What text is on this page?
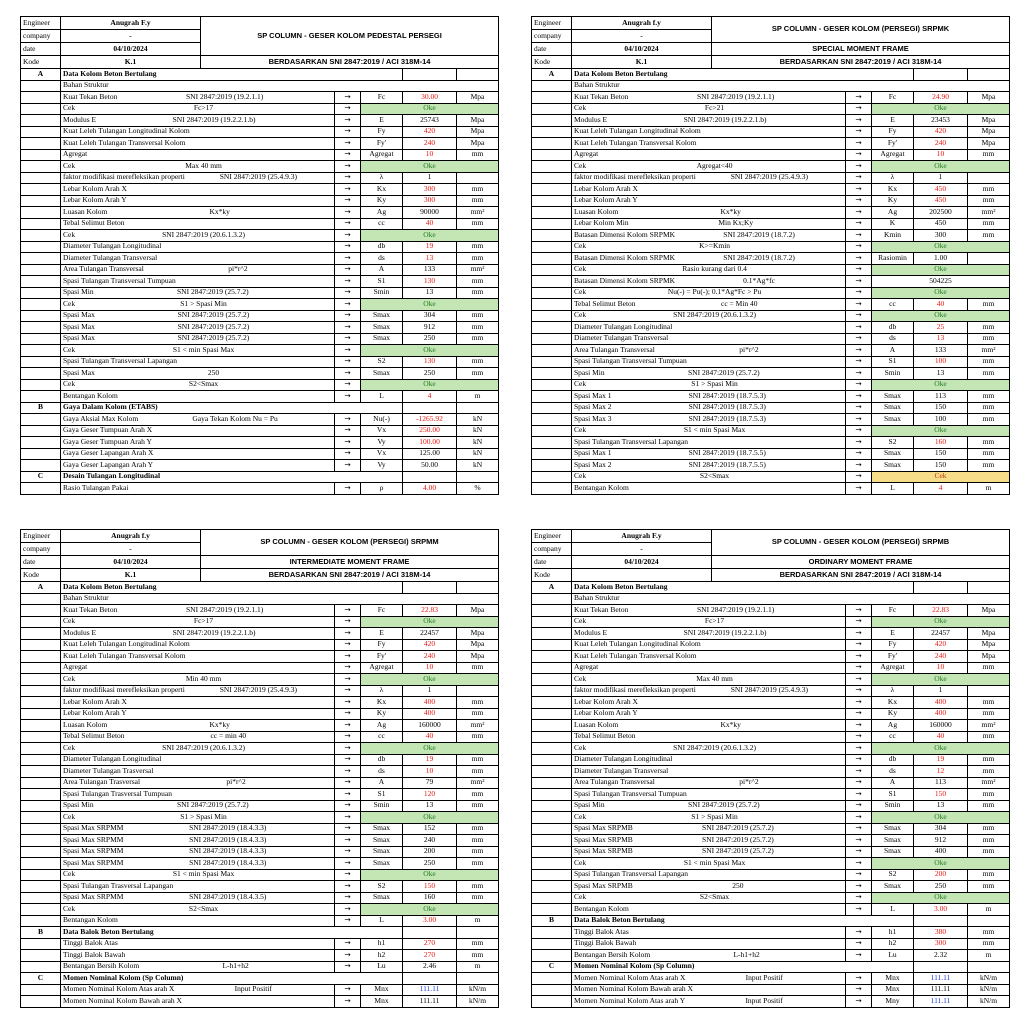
Engineer	Anugrah F.y	SP COLUMN - GESER KOLOM PEDESTAL PERSEGI				
company	-					
date	04/10/2024					
Kode	K.1	BERDASARKAN SNI 2847:2019 / ACI 318M-14				
A	Data Kolom Beton Bertulang					
	Bahan Struktur					

	Kuat Tekan Beton SNI 2847:2019 (19.2.1.1)		→	Fc	30.00	Mpa

	Cek Fc>17		→	Oke		

	Modulus E SNI 2847:2019 (19.2.2.1.b)		→	E	25743	Mpa

	Kuat Leleh Tulangan Longitudinal Kolom		→	Fy	420	Mpa

	Kuat Leleh Tulangan Transversal Kolom		→	Fy'	240	Mpa

	Agregat		→	Agregat	10	mm

	Cek Max 40 mm		→	Oke		

	faktor modifikasi merefleksikan properti SNI 2847:2019 (25.4.9.3)		→	λ	1	

	Lebar Kolom Arah X		→	Kx	300	mm

	Lebar Kolom Arah Y		→	Ky	300	mm

	Luasan Kolom Kx*ky		→	Ag	90000	mm²

	Tebal Selimut Beton		→	cc	40	mm

	Cek SNI 2847:2019 (20.6.1.3.2)		→	Oke		

	Diameter Tulangan Longitudinal		→	db	19	mm

	Diameter Tulangan Transversal		→	ds	13	mm

	Area Tulangan Transversal pi*r^2		→	A	133	mm²

	Spasi Tulangan Transversal Tumpuan		→	S1	130	mm

	Spasi Min SNI 2847:2019 (25.7.2)		→	Smin	13	mm

	Cek S1 > Spasi Min		→	Oke		

	Spasi Max SNI 2847:2019 (25.7.2)		→	Smax	304	mm

	Spasi Max SNI 2847:2019 (25.7.2)		→	Smax	912	mm

	Spasi Max SNI 2847:2019 (25.7.2)		→	Smax	250	mm

	Cek S1 < min Spasi Max		→	Oke		

	Spasi Tulangan Transversal Lapangan		→	S2	130	mm

	Spasi Max 250		→	Smax	250	mm

	Cek S2<Smax		→	Oke		

	Bentangan Kolom		→	L	4	m
B	Gaya Dalam Kolom (ETABS)					

	Gaya Aksial Max Kolom Gaya Tekan Kolom Nu = Pu		→	Nu(-)	-1265.92	kN

	Gaya Geser Tumpuan Arah X		→	Vx	250.00	kN

	Gaya Geser Tumpuan Arah Y		→	Vy	100.00	kN

	Gaya Geser Lapangan Arah X		→	Vx	125.00	kN

	Gaya Geser Lapangan Arah Y		→	Vy	50.00	kN
C	Desain Tulangan Longitudinal					

	Rasio Tulangan Pakai		→	ρ	4.00	%
Engineer	Anugrah f.y	SP COLUMN - GESER KOLOM (PERSEGI) SRPMK				
company	-					
date	04/10/2024	SPECIAL MOMENT FRAME				
Kode	K.1	BERDASARKAN SNI 2847:2019 / ACI 318M-14				
A	Data Kolom Beton Bertulang					
	Bahan Struktur					

	Kuat Tekan Beton SNI 2847:2019 (19.2.1.1)		→	Fc	24.90	Mpa

	Cek Fc>21		→	Oke		

	Modulus E SNI 2847:2019 (19.2.2.1.b)		→	E	23453	Mpa

	Kuat Leleh Tulangan Longitudinal Kolom		→	Fy	420	Mpa

	Kuat Leleh Tulangan Transversal Kolom		→	Fy'	240	Mpa

	Agregat		→	Agregat	10	mm

	Cek Agregat<40		→	Oke		

	faktor modifikasi merefleksikan properti SNI 2847:2019 (25.4.9.3)		→	λ	1	

	Lebar Kolom Arah X		→	Kx	450	mm

	Lebar Kolom Arah Y		→	Ky	450	mm

	Luasan Kolom Kx*ky		→	Ag	202500	mm²

	Lebar Kolom Min Min Kx;Ky		→	K	450	mm

	Batasan Dimensi Kolom SRPMK SNI 2847:2019 (18.7.2)		→	Kmin	300	mm

	Cek K>=Kmin		→	Oke		

	Batasan Dimensi Kolom SRPMK SNI 2847:2019 (18.7.2)		→	Rasiomin	1.00	

	Cek Rasio kurang dari 0.4		→	Oke		

	Batasan Dimensi Kolom SRPMK 0.1*Ag*fc		→	504225		

	Cek Nu(-) = Pu(-); 0.1*Ag*Fc > Pu		→	Oke		

	Tebal Selimut Beton cc = Min 40		→	cc	40	mm

	Cek SNI 2847:2019 (20.6.1.3.2)		→	Oke		

	Diameter Tulangan Longitudinal		→	db	25	mm

	Diameter Tulangan Transversal		→	ds	13	mm

	Area Tulangan Transversal pi*r^2		→	A	133	mm²

	Spasi Tulangan Transversal Tumpuan		→	S1	100	mm

	Spasi Min SNI 2847:2019 (25.7.2)		→	Smin	13	mm

	Cek S1 > Spasi Min		→	Oke		

	Spasi Max 1 SNI 2847:2019 (18.7.5.3)		→	Smax	113	mm

	Spasi Max 2 SNI 2847:2019 (18.7.5.3)		→	Smax	150	mm

	Spasi Max 3 SNI 2847:2019 (18.7.5.3)		→	Smax	100	mm

	Cek S1 < min Spasi Max		→	Oke		

	Spasi Tulangan Transversal Lapangan		→	S2	160	mm

	Spasi Max 1 SNI 2847:2019 (18.7.5.5)		→	Smax	150	mm

	Spasi Max 2 SNI 2847:2019 (18.7.5.5)		→	Smax	150	mm

	Cek S2<Smax		→	Cek		

	Bentangan Kolom		→	L	4	m
Engineer	Anugrah f.y	SP COLUMN - GESER KOLOM (PERSEGI) SRPMM				
company	-					
date	04/10/2024	INTERMEDIATE MOMENT FRAME				
Kode	K.1	BERDASARKAN SNI 2847:2019 / ACI 318M-14				
A	Data Kolom Beton Bertulang					
	Bahan Struktur					

	Kuat Tekan Beton SNI 2847:2019 (19.2.1.1)		→	Fc	22.83	Mpa

	Cek Fc>17		→	Oke		

	Modulus E SNI 2847:2019 (19.2.2.1.b)		→	E	22457	Mpa

	Kuat Leleh Tulangan Longitudinal Kolom		→	Fy	420	Mpa

	Kuat Leleh Tulangan Transversal Kolom		→	Fy'	240	Mpa

	Agregat		→	Agregat	10	mm

	Cek Min 40 mm		→	Oke		

	faktor modifikasi merefleksikan properti SNI 2847:2019 (25.4.9.3)		→	λ	1	

	Lebar Kolom Arah X		→	Kx	400	mm

	Lebar Kolom Arah Y		→	Ky	400	mm

	Luasan Kolom Kx*ky		→	Ag	160000	mm²

	Tebal Selimut Beton cc = min 40		→	cc	40	mm

	Cek SNI 2847:2019 (20.6.1.3.2)		→	Oke		

	Diameter Tulangan Longitudinal		→	db	19	mm

	Diameter Tulangan Trasversal		→	ds	10	mm

	Area Tulangan Trasversal pi*r^2		→	A	79	mm²

	Spasi Tulangan Trasversal Tumpuan		→	S1	120	mm

	Spasi Min SNI 2847:2019 (25.7.2)		→	Smin	13	mm

	Cek S1 > Spasi Min		→	Oke		

	Spasi Max SRPMM SNI 2847:2019 (18.4.3.3)		→	Smax	152	mm

	Spasi Max SRPMM SNI 2847:2019 (18.4.3.3)		→	Smax	240	mm

	Spasi Max SRPMM SNI 2847:2019 (18.4.3.3)		→	Smax	200	mm

	Spasi Max SRPMM SNI 2847:2019 (18.4.3.3)		→	Smax	250	mm

	Cek S1 < min Spasi Max		→	Oke		

	Spasi Tulangan Trasversal Lapangan		→	S2	150	mm

	Spasi Max SRPMM SNI 2847:2019 (18.4.3.5)		→	Smax	160	mm

	Cek S2<Smax		→	Oke		

	Bentangan Kolom		→	L	3.00	m
B	Data Balok Beton Bertulang					

	Tinggi Balok Atas		→	h1	270	mm

	Tinggi Balok Bawah		→	h2	270	mm

	Bentangan Bersih Kolom L-h1+h2		→	Lu	2.46	m
C	Momen Nominal Kolom (Sp Column)					

	Momen Nominal Kolom Atas arah X Input Positif		→	Mnx	111.11	kN/m

	Momen Nominal Kolom Bawah arah X		→	Mnx	111.11	kN/m
Engineer	Anugrah F.y	SP COLUMN - GESER KOLOM (PERSEGI) SRPMB				
company	-					
date	04/10/2024	ORDINARY MOMENT FRAME				
Kode		BERDASARKAN SNI 2847:2019 / ACI 318M-14				
A	Data Kolom Beton Bertulang					
	Bahan Struktur					

	Kuat Tekan Beton SNI 2847:2019 (19.2.1.1)		→	Fc	22.83	Mpa

	Cek Fc>17		→	Oke		

	Modulus E SNI 2847:2019 (19.2.2.1.b)		→	E	22457	Mpa

	Kuat Leleh Tulangan Longitudinal Kolom		→	Fy	420	Mpa

	Kuat Leleh Tulangan Transversal Kolom		→	Fy'	240	Mpa

	Agregat		→	Agregat	10	mm

	Cek Max 40 mm		→	Oke		

	faktor modifikasi merefleksikan properti SNI 2847:2019 (25.4.9.3)		→	λ	1	

	Lebar Kolom Arah X		→	Kx	400	mm

	Lebar Kolom Arah Y		→	Ky	400	mm

	Luasan Kolom Kx*ky		→	Ag	160000	mm²

	Tebal Selimut Beton		→	cc	40	mm

	Cek SNI 2847:2019 (20.6.1.3.2)		→	Oke		

	Diameter Tulangan Longitudinal		→	db	19	mm

	Diameter Tulangan Transversal		→	ds	12	mm

	Area Tulangan Transversal pi*r^2		→	A	113	mm²

	Spasi Tulangan Transversal Tumpuan		→	S1	150	mm

	Spasi Min SNI 2847:2019 (25.7.2)		→	Smin	13	mm

	Cek S1 > Spasi Min		→	Oke		

	Spasi Max SRPMB SNI 2847:2019 (25.7.2)		→	Smax	304	mm

	Spasi Max SRPMB SNI 2847:2019 (25.7.2)		→	Smax	912	mm

	Spasi Max SRPMB SNI 2847:2019 (25.7.2)		→	Smax	400	mm

	Cek S1 < min Spasi Max		→	Oke		

	Spasi Tulangan Transversal Lapangan		→	S2	200	mm

	Spasi Max SRPMB 250		→	Smax	250	mm

	Cek S2<Smax		→	Oke		

	Bentangan Kolom		→	L	3.00	m
B	Data Balok Beton Bertulang					

	Tinggi Balok Atas		→	h1	380	mm

	Tinggi Balok Bawah		→	h2	300	mm

	Bentangan Bersih Kolom L-h1+h2		→	Lu	2.32	m
C	Momen Nominal Kolom (Sp Column)					

	Momen Nominal Kolom Atas arah X Input Positif		→	Mnx	111.11	kN/m

	Momen Nominal Kolom Bawah arah X		→	Mnx	111.11	kN/m

	Momen Nominal Kolom Atas arah Y Input Positif		→	Mny	111.11	kN/m
